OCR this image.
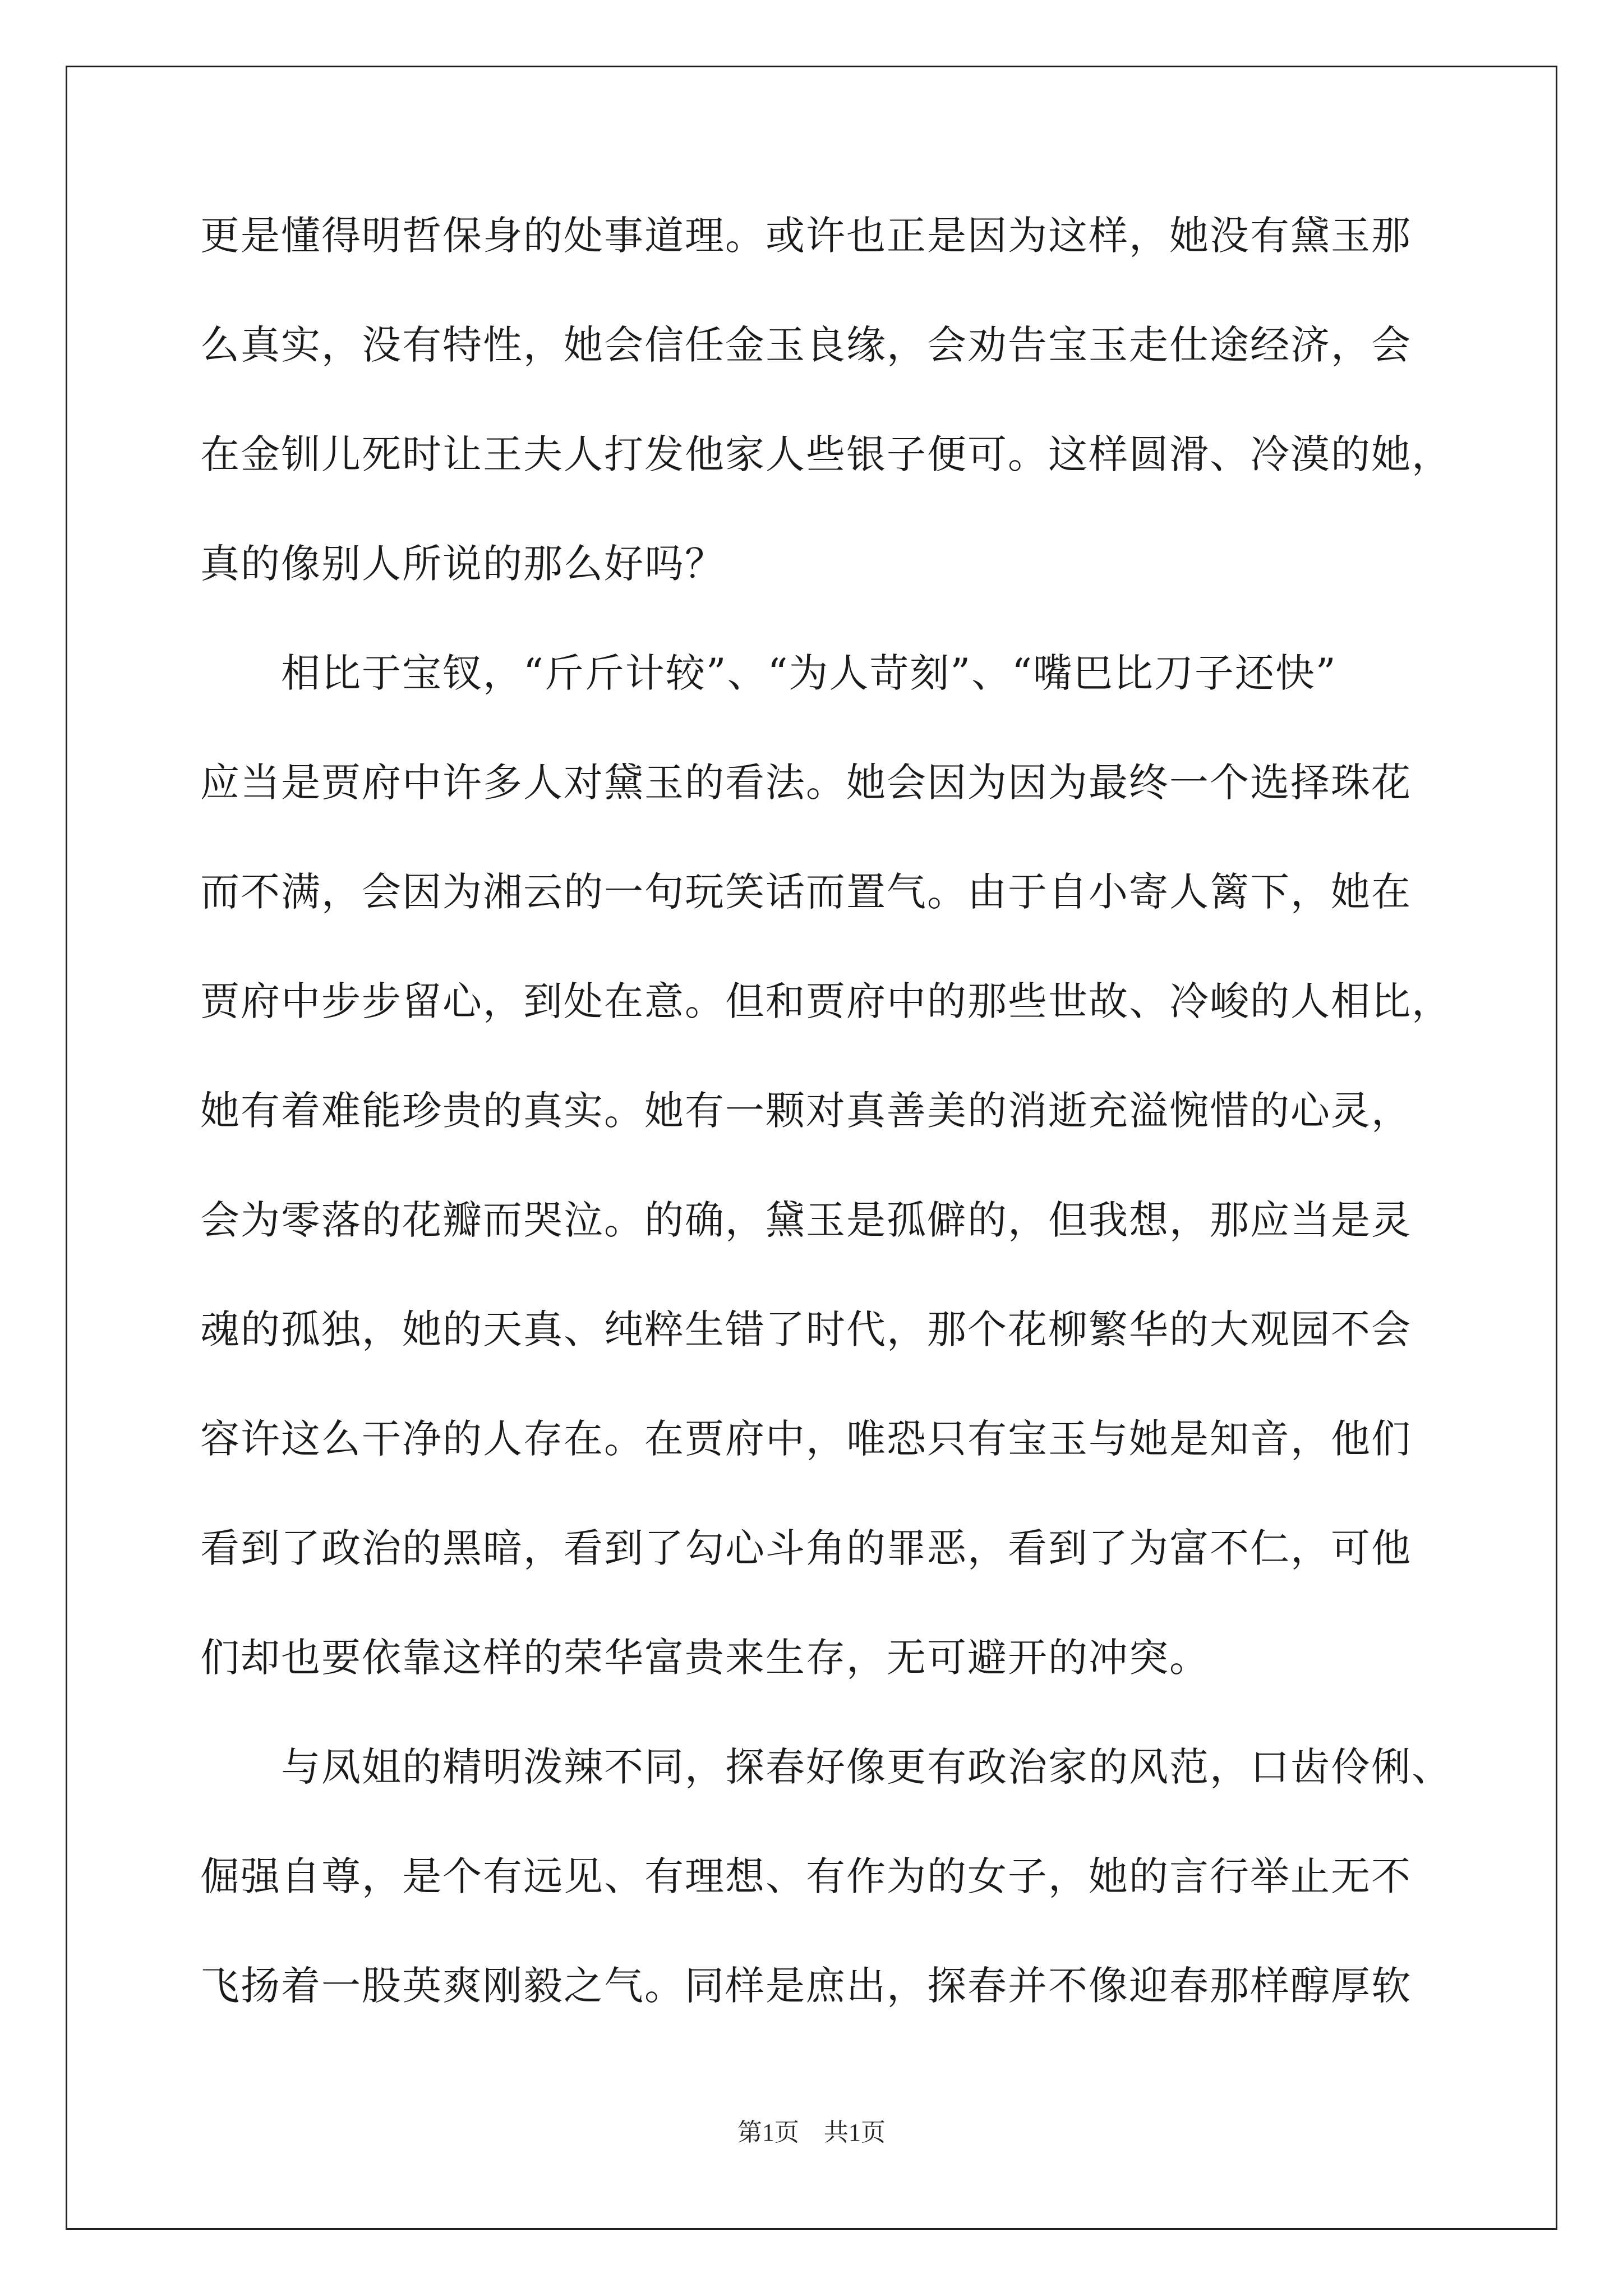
更是懂得明哲保身的处事道理。或许也正是因为这样，她没有黛玉那
么真实，没有特性，她会信任金玉良缘，会劝告宝玉走仕途经济，会
在金钏儿死时让王夫人打发他家人些银子便可。这样圆滑、冷漠的她，
真的像别人所说的那么好吗？
　　相比于宝钗，“斤斤计较”、“为人苛刻”、“嘴巴比刀子还快”
应当是贾府中许多人对黛玉的看法。她会因为因为最终一个选择珠花
而不满，会因为湘云的一句玩笑话而置气。由于自小寄人篱下，她在
贾府中步步留心，到处在意。但和贾府中的那些世故、冷峻的人相比，
她有着难能珍贵的真实。她有一颗对真善美的消逝充溢惋惜的心灵，
会为零落的花瓣而哭泣。的确，黛玉是孤僻的，但我想，那应当是灵
魂的孤独，她的天真、纯粹生错了时代，那个花柳繁华的大观园不会
容许这么干净的人存在。在贾府中，唯恐只有宝玉与她是知音，他们
看到了政治的黑暗，看到了勾心斗角的罪恶，看到了为富不仁，可他
们却也要依靠这样的荣华富贵来生存，无可避开的冲突。
　　与凤姐的精明泼辣不同，探春好像更有政治家的风范，口齿伶俐、
倔强自尊，是个有远见、有理想、有作为的女子，她的言行举止无不
飞扬着一股英爽刚毅之气。同样是庶出，探春并不像迎春那样醇厚软
第1页 共1页
